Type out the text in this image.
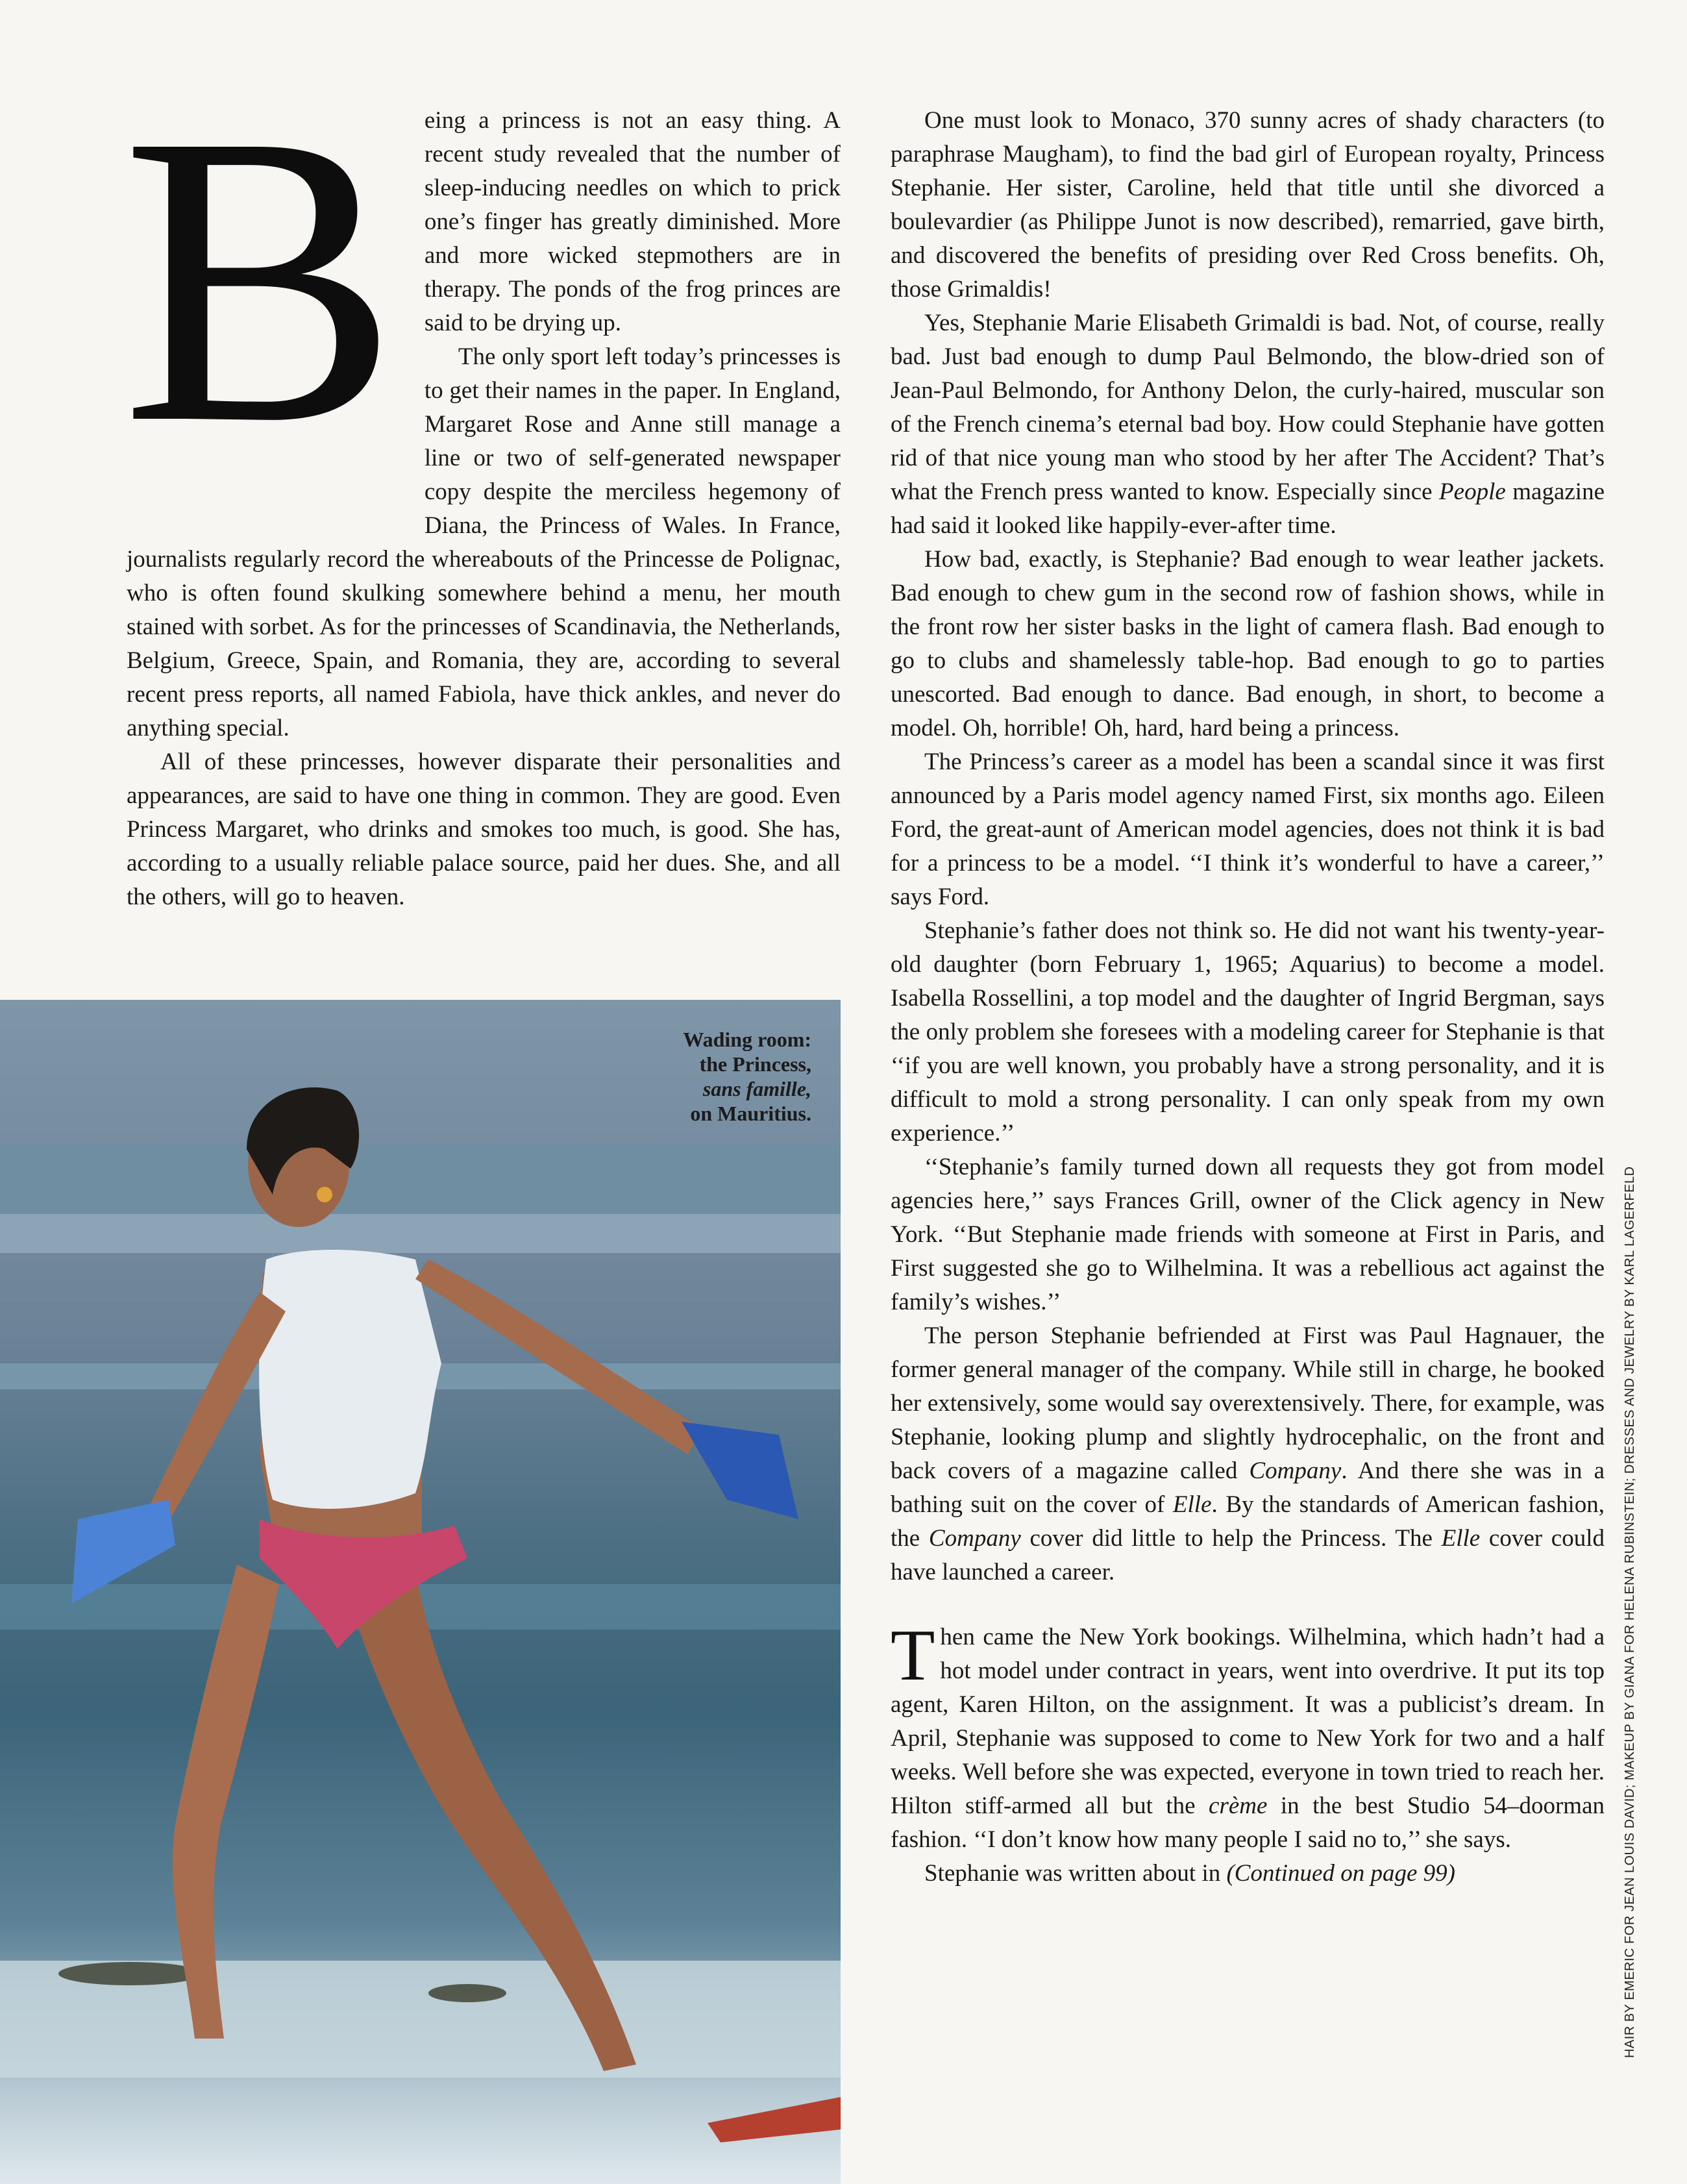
B	eing a princess is not an easy thing. A recent study revealed that the number of sleep-inducing needles on which to prick one’s finger has greatly diminished. More and more wicked stepmothers are in therapy. The ponds of the frog princes are said to be drying up.

The only sport left today’s princesses is to get their names in the paper. In England, Margaret Rose and Anne still manage a line or two of self-generated newspaper copy despite the merciless hegemony of Diana, the Princess of Wales. In France, journalists regularly record the whereabouts of the Princesse de Polignac, who is often found skulking somewhere behind a menu, her mouth stained with sorbet. As for the princesses of Scandinavia, the Netherlands, Belgium, Greece, Spain, and Romania, they are, according to several recent press reports, all named Fabiola, have thick ankles, and never do anything special.

All of these princesses, however disparate their personalities and appearances, are said to have one thing in common. They are good. Even Princess Margaret, who drinks and smokes too much, is good. She has, according to a usually reliable palace source, paid her dues. She, and all the others, will go to heaven.

Wading room:
the Princess,
sans famille,
on Mauritius.

One must look to Monaco, 370 sunny acres of shady characters (to paraphrase Maugham), to find the bad girl of European royalty, Princess Stephanie. Her sister, Caroline, held that title until she divorced a boulevardier (as Philippe Junot is now described), remarried, gave birth, and discovered the benefits of presiding over Red Cross benefits. Oh, those Grimaldis!

Yes, Stephanie Marie Elisabeth Grimaldi is bad. Not, of course, really bad. Just bad enough to dump Paul Belmondo, the blow-dried son of Jean-Paul Belmondo, for Anthony Delon, the curly-haired, muscular son of the French cinema’s eternal bad boy. How could Stephanie have gotten rid of that nice young man who stood by her after The Accident? That’s what the French press wanted to know. Especially since People magazine had said it looked like happily-ever-after time.

How bad, exactly, is Stephanie? Bad enough to wear leather jackets. Bad enough to chew gum in the second row of fashion shows, while in the front row her sister basks in the light of camera flash. Bad enough to go to clubs and shamelessly table-hop. Bad enough to go to parties unescorted. Bad enough to dance. Bad enough, in short, to become a model. Oh, horrible! Oh, hard, hard being a princess.

The Princess’s career as a model has been a scandal since it was first announced by a Paris model agency named First, six months ago. Eileen Ford, the great-aunt of American model agencies, does not think it is bad for a princess to be a model. ‘‘I think it’s wonderful to have a career,’’ says Ford.

Stephanie’s father does not think so. He did not want his twenty-year-old daughter (born February 1, 1965; Aquarius) to become a model. Isabella Rossellini, a top model and the daughter of Ingrid Bergman, says the only problem she foresees with a modeling career for Stephanie is that ‘‘if you are well known, you probably have a strong personality, and it is difficult to mold a strong personality. I can only speak from my own experience.’’

‘‘Stephanie’s family turned down all requests they got from model agencies here,’’ says Frances Grill, owner of the Click agency in New York. ‘‘But Stephanie made friends with someone at First in Paris, and First suggested she go to Wilhelmina. It was a rebellious act against the family’s wishes.’’

The person Stephanie befriended at First was Paul Hagnauer, the former general manager of the company. While still in charge, he booked her extensively, some would say overextensively. There, for example, was Stephanie, looking plump and slightly hydrocephalic, on the front and back covers of a magazine called Company. And there she was in a bathing suit on the cover of Elle. By the standards of American fashion, the Company cover did little to help the Princess. The Elle cover could have launched a career.

Then came the New York bookings. Wilhelmina, which hadn’t had a hot model under contract in years, went into overdrive. It put its top agent, Karen Hilton, on the assignment. It was a publicist’s dream. In April, Stephanie was supposed to come to New York for two and a half weeks. Well before she was expected, everyone in town tried to reach her. Hilton stiff-armed all but the crème in the best Studio 54–doorman fashion. ‘‘I don’t know how many people I said no to,’’ she says.

Stephanie was written about in (Continued on page 99)	HAIR BY EMERIC FOR JEAN LOUIS DAVID; MAKEUP BY GIANA FOR HELENA RUBINSTEIN; DRESSES AND JEWELRY BY KARL LAGERFELD
